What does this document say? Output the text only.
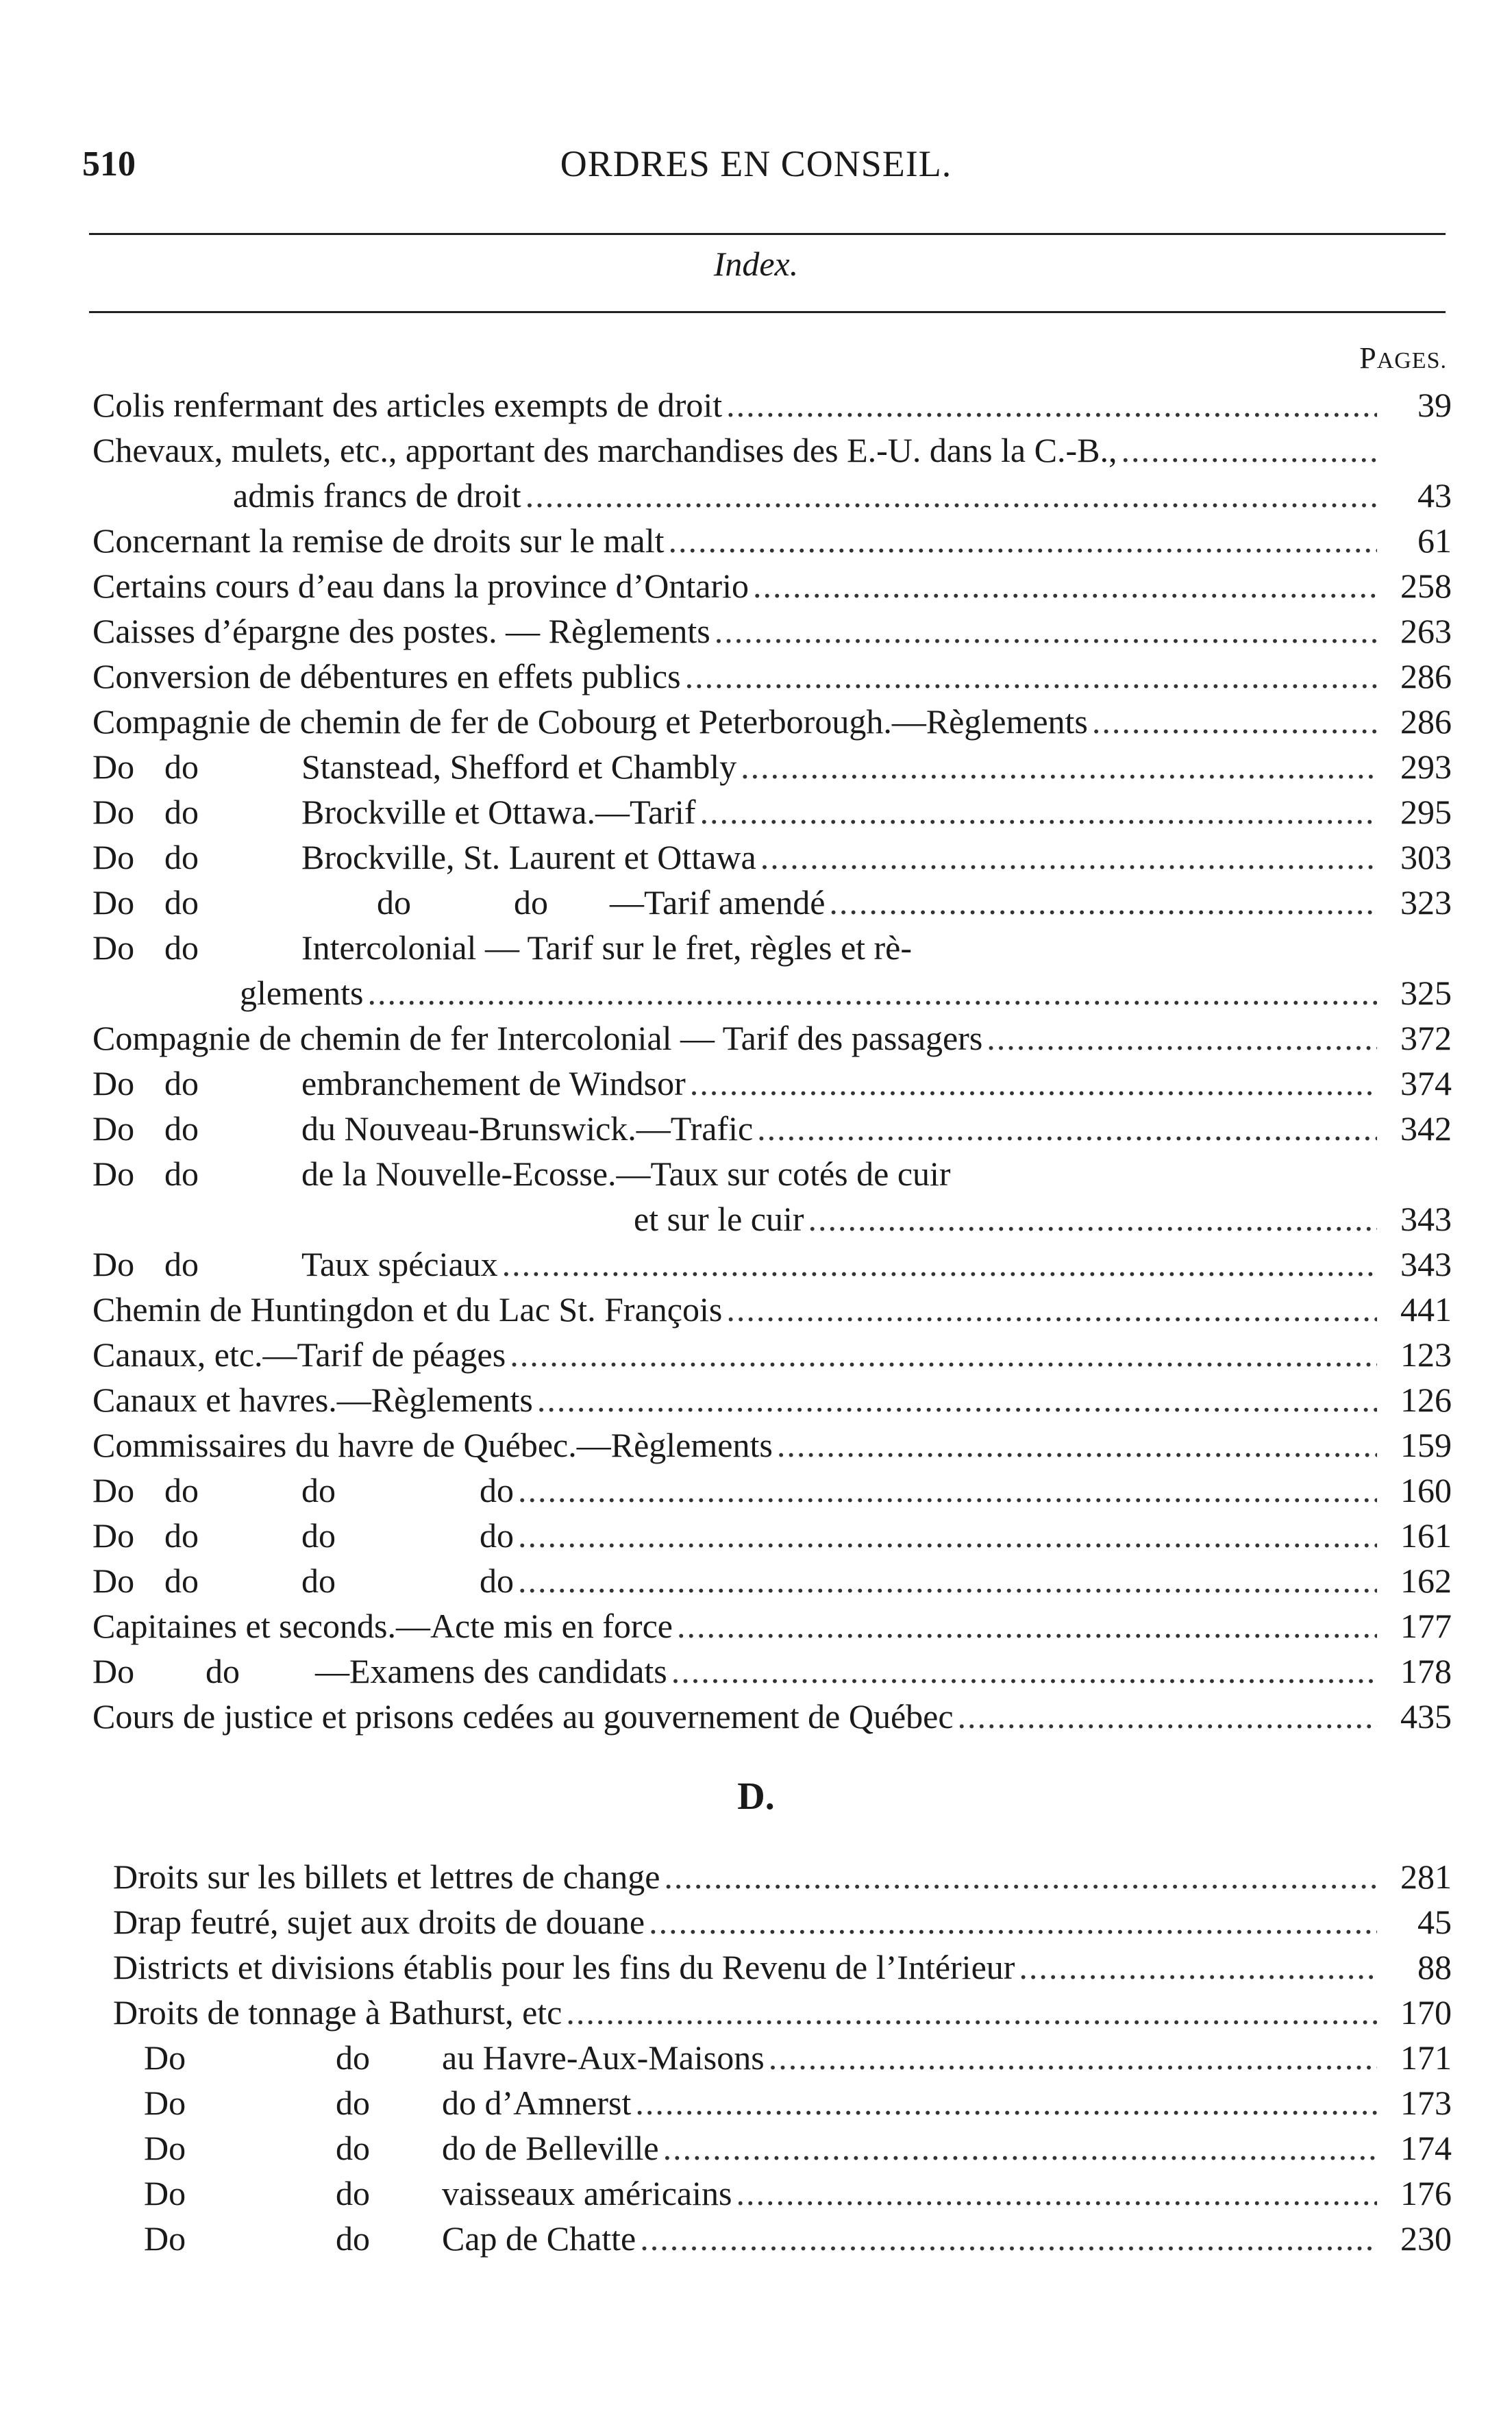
510	ORDRES EN CONSEIL.
Index.
PAGES.
Colis renfermant des articles exempts de droit .....	39
Chevaux, mulets, etc., apportant des marchandises des E.-U. dans la C.-B.,
.....
admis francs de droit .....	43
Concernant la remise de droits sur le malt .....	61
Certains cours d’eau dans la province d’Ontario .....	258
Caisses d’épargne des postes. — Règlements .....	263
Conversion de débentures en effets publics .....	286
Compagnie de chemin de fer de Cobourg et Peterborough.—Règlements .....	286
Do do	Stanstead, Shefford et Chambly .....	293
Do do	Brockville et Ottawa.—Tarif .....	295
Do do	Brockville, St. Laurent et Ottawa .....	303
Do do	do	do	—Tarif amendé .....	323
Do do	Intercolonial — Tarif sur le fret, règles et rè-
glements .....	325
Compagnie de chemin de fer Intercolonial — Tarif des passagers .....	372
Do do	embranchement de Windsor .....	374
Do do	du Nouveau-Brunswick.—Trafic .....	342
Do do	de la Nouvelle-Ecosse.—Taux sur cotés de cuir
et sur le cuir .....	343
Do do	Taux spéciaux .....	343
Chemin de Huntingdon et du Lac St. François .....	441
Canaux, etc.—Tarif de péages .....	123
Canaux et havres.—Règlements .....	126
Commissaires du havre de Québec.—Règlements .....	159
Do do	do	do .....	160
Do do	do	do .....	161
Do do	do	do .....	162
Capitaines et seconds.—Acte mis en force .....	177
Do	do	—Examens des candidats .....	178
Cours de justice et prisons cedées au gouvernement de Québec .....	435
D.
Droits sur les billets et lettres de change .....	281
Drap feutré, sujet aux droits de douane .....	45
Districts et divisions établis pour les fins du Revenu de l’Intérieur .....	88
Droits de tonnage à Bathurst, etc .....	170
Do	do	au Havre-Aux-Maisons .....	171
Do	do	do d’Amnerst .....	173
Do	do	do de Belleville .....	174
Do	do	vaisseaux américains .....	176
Do	do	Cap de Chatte .....	230
